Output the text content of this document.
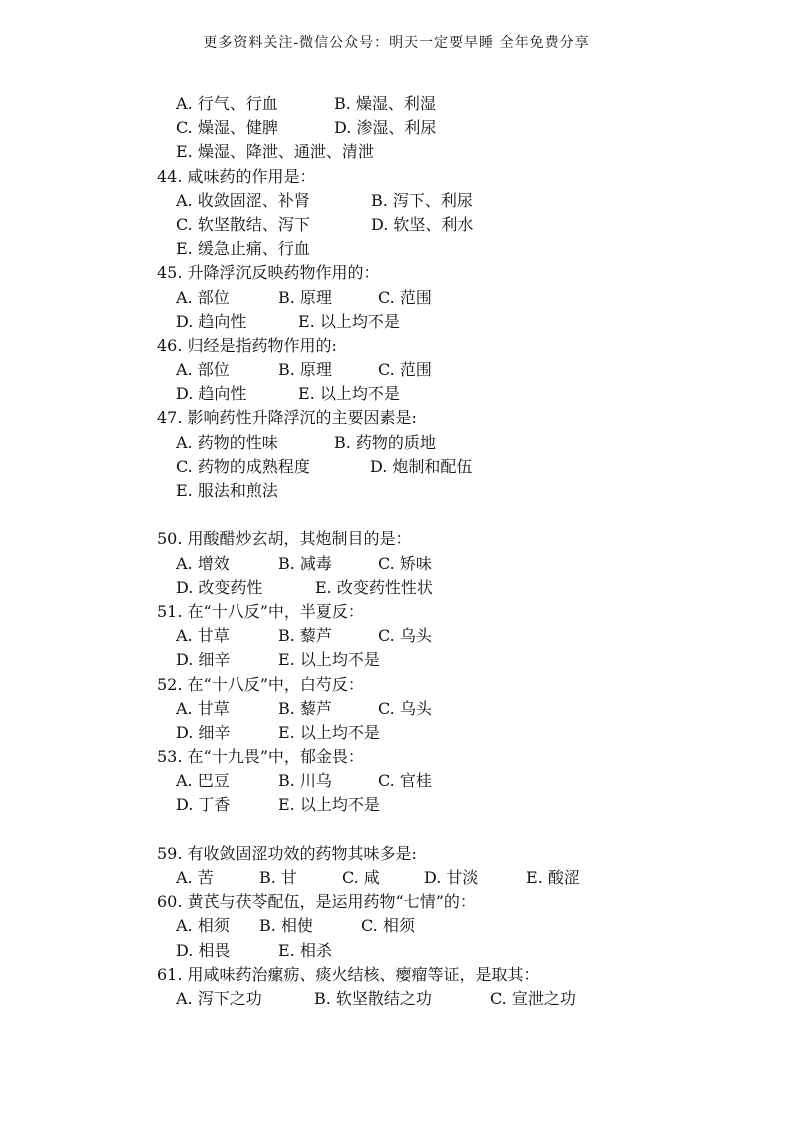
更多资料关注-微信公众号：明天一定要早睡 全年免费分享
A. 行气、行血	B. 燥湿、利湿
C. 燥湿、健脾	D. 渗湿、利尿
E. 燥湿、降泄、通泄、清泄
44. 咸味药的作用是：
A. 收敛固涩、补肾	B. 泻下、利尿
C. 软坚散结、泻下	D. 软坚、利水
E. 缓急止痛、行血
45. 升降浮沉反映药物作用的：
A. 部位	B. 原理	C. 范围
D. 趋向性	E. 以上均不是
46. 归经是指药物作用的:
A. 部位	B. 原理	C. 范围
D. 趋向性	E. 以上均不是
47. 影响药性升降浮沉的主要因素是:
A. 药物的性味	B. 药物的质地
C. 药物的成熟程度	D. 炮制和配伍
E. 服法和煎法
50. 用酸醋炒玄胡，其炮制目的是：
A. 增效	B. 减毒	C. 矫味
D. 改变药性	E. 改变药性性状
51. 在“十八反”中，半夏反：
A. 甘草	B. 藜芦	C. 乌头
D. 细辛	E. 以上均不是
52. 在“十八反”中，白芍反：
A. 甘草	B. 藜芦	C. 乌头
D. 细辛	E. 以上均不是
53. 在“十九畏”中，郁金畏：
A. 巴豆	B. 川乌	C. 官桂
D. 丁香	E. 以上均不是
59. 有收敛固涩功效的药物其味多是:
A. 苦	B. 甘	C. 咸	D. 甘淡	E. 酸涩
60. 黄芪与茯苓配伍，是运用药物“七情”的：
A. 相须 B. 相使	C. 相须
D. 相畏	E. 相杀
61. 用咸味药治瘰疬、痰火结核、瘿瘤等证，是取其：
A. 泻下之功	B. 软坚散结之功	C. 宣泄之功
